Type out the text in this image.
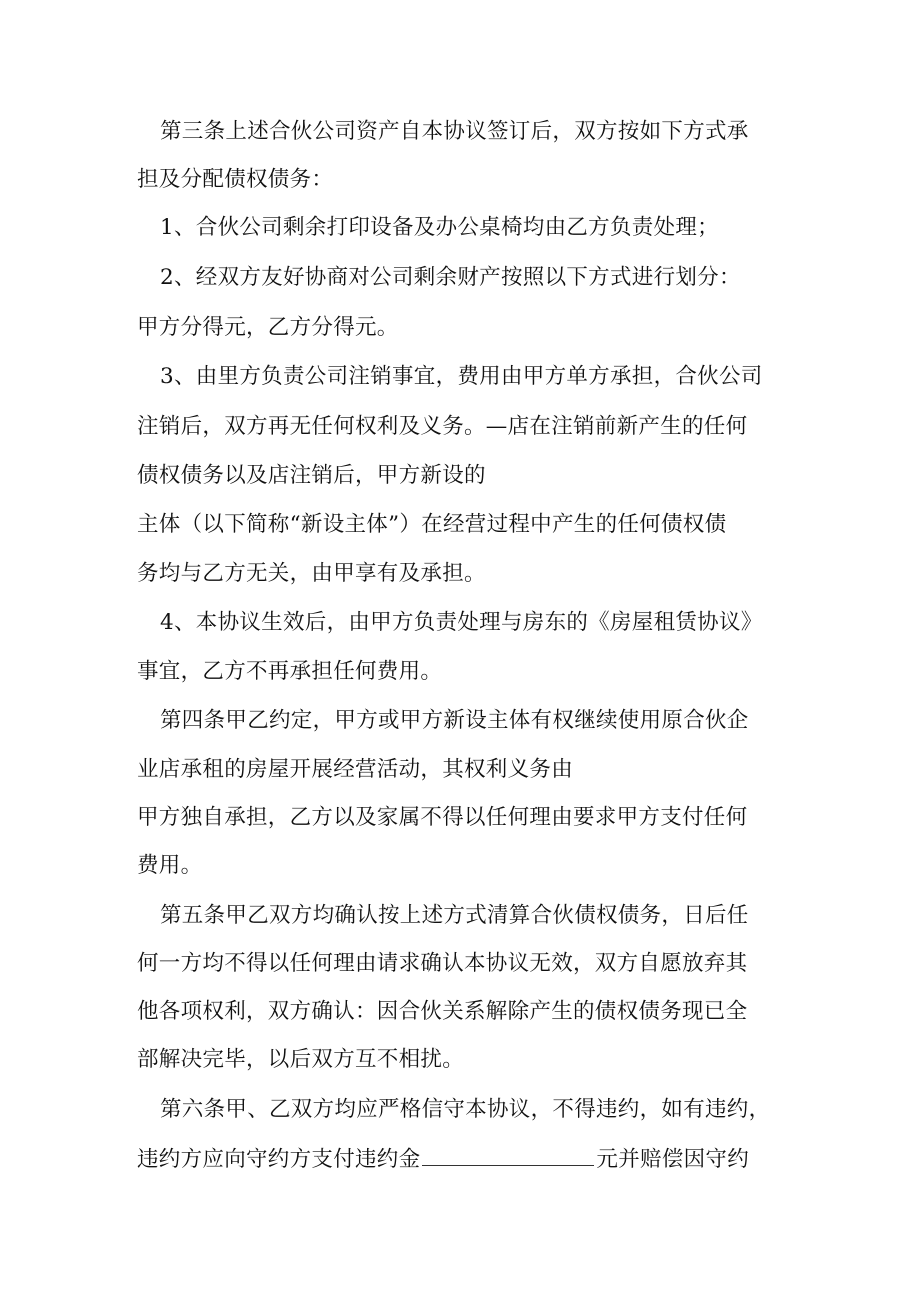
第三条上述合伙公司资产自本协议签订后，双方按如下方式承
担及分配债权债务：
1、合伙公司剩余打印设备及办公桌椅均由乙方负责处理；
2、经双方友好协商对公司剩余财产按照以下方式进行划分：
甲方分得元，乙方分得元。
3、由里方负责公司注销事宜，费用由甲方单方承担，合伙公司
注销后，双方再无任何权利及义务。—店在注销前新产生的任何
债权债务以及店注销后，甲方新设的
主体（以下简称“新设主体”）在经营过程中产生的任何债权债
务均与乙方无关，由甲享有及承担。
4、本协议生效后，由甲方负责处理与房东的《房屋租赁协议》
事宜，乙方不再承担任何费用。
第四条甲乙约定，甲方或甲方新设主体有权继续使用原合伙企
业店承租的房屋开展经营活动，其权利义务由
甲方独自承担，乙方以及家属不得以任何理由要求甲方支付任何
费用。
第五条甲乙双方均确认按上述方式清算合伙债权债务，日后任
何一方均不得以任何理由请求确认本协议无效，双方自愿放弃其
他各项权利，双方确认：因合伙关系解除产生的债权债务现已全
部解决完毕，以后双方互不相扰。
第六条甲、乙双方均应严格信守本协议，不得违约，如有违约，
违约方应向守约方支付违约金	元并赔偿因守约
